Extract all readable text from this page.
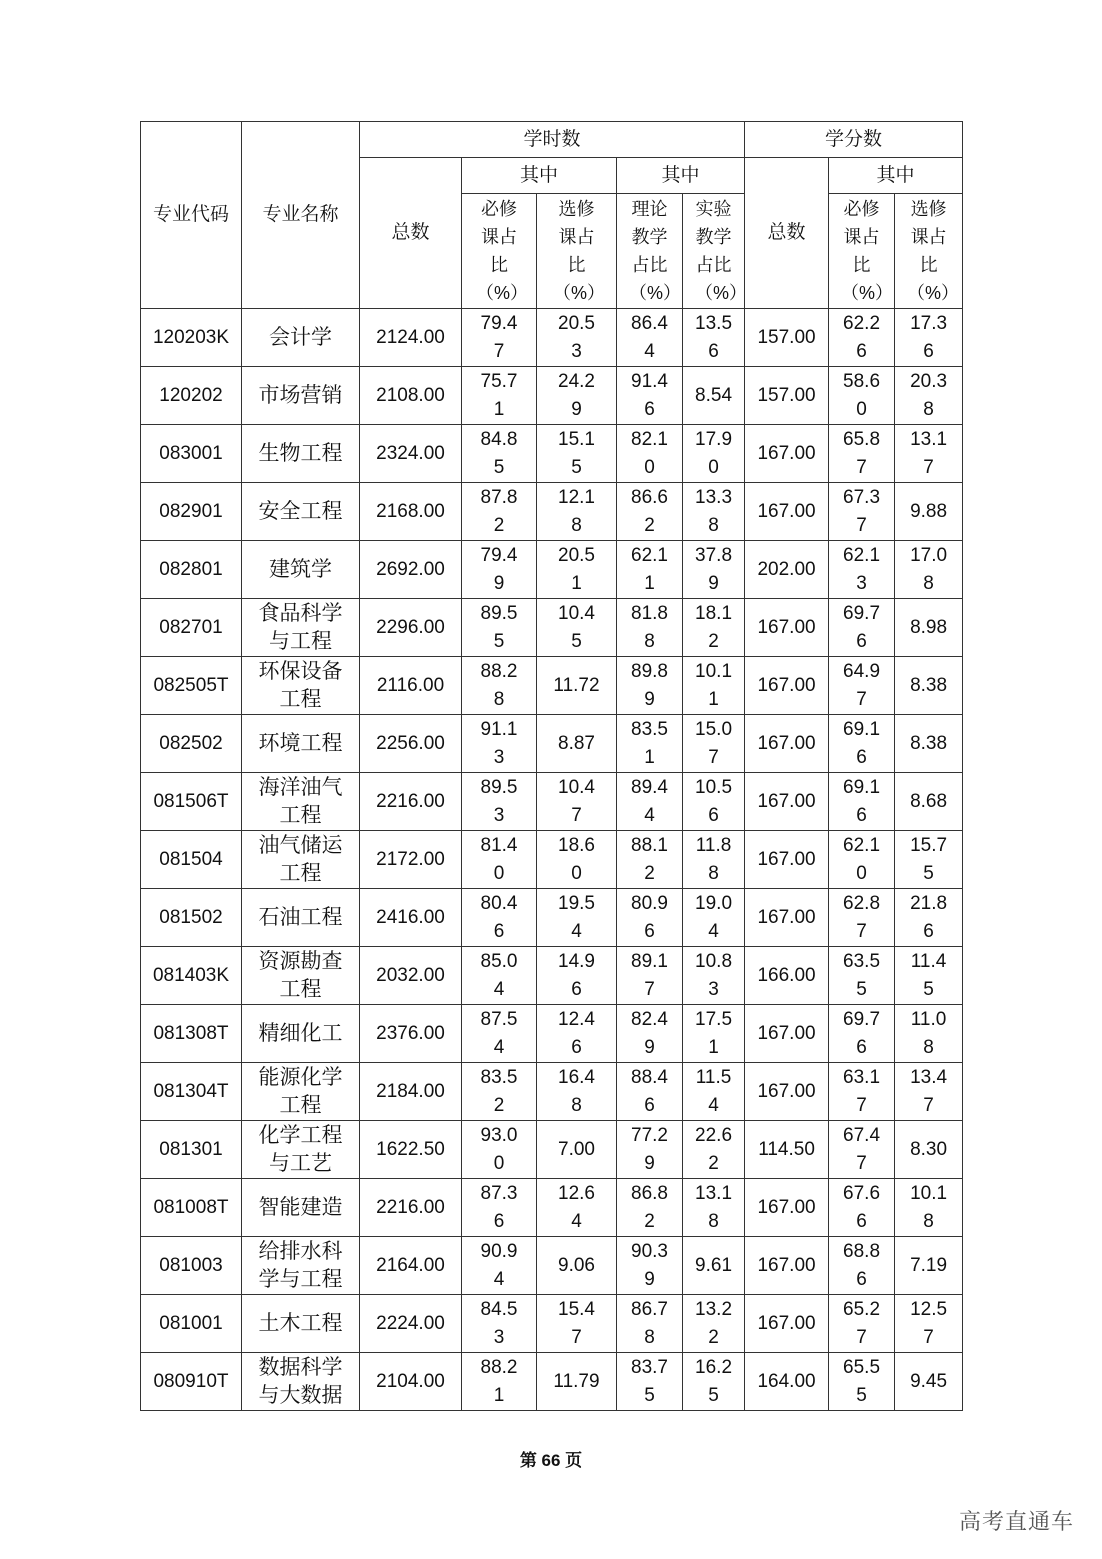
专业代码	专业名称	学时数					学分数		
		总数	其中		其中		总数	其中	
			必修课占比（%）	选修课占比（%）	理论教学占比（%）	实验教学占比（%）		必修课占比（%）	选修课占比（%）
120203K	会计学	2124.00	79.47	20.53	86.44	13.56	157.00	62.26	17.36
120202	市场营销	2108.00	75.71	24.29	91.46	8.54	157.00	58.60	20.38
083001	生物工程	2324.00	84.85	15.15	82.10	17.90	167.00	65.87	13.17
082901	安全工程	2168.00	87.82	12.18	86.62	13.38	167.00	67.37	9.88
082801	建筑学	2692.00	79.49	20.51	62.11	37.89	202.00	62.13	17.08
082701	食品科学与工程	2296.00	89.55	10.45	81.88	18.12	167.00	69.76	8.98
082505T	环保设备工程	2116.00	88.28	11.72	89.89	10.11	167.00	64.97	8.38
082502	环境工程	2256.00	91.13	8.87	83.51	15.07	167.00	69.16	8.38
081506T	海洋油气工程	2216.00	89.53	10.47	89.44	10.56	167.00	69.16	8.68
081504	油气储运工程	2172.00	81.40	18.60	88.12	11.88	167.00	62.10	15.75
081502	石油工程	2416.00	80.46	19.54	80.96	19.04	167.00	62.87	21.86
081403K	资源勘查工程	2032.00	85.04	14.96	89.17	10.83	166.00	63.55	11.45
081308T	精细化工	2376.00	87.54	12.46	82.49	17.51	167.00	69.76	11.08
081304T	能源化学工程	2184.00	83.52	16.48	88.46	11.54	167.00	63.17	13.47
081301	化学工程与工艺	1622.50	93.00	7.00	77.29	22.62	114.50	67.47	8.30
081008T	智能建造	2216.00	87.36	12.64	86.82	13.18	167.00	67.66	10.18
081003	给排水科学与工程	2164.00	90.94	9.06	90.39	9.61	167.00	68.86	7.19
081001	土木工程	2224.00	84.53	15.47	86.78	13.22	167.00	65.27	12.57
080910T	数据科学与大数据	2104.00	88.21	11.79	83.75	16.25	164.00	65.55	9.45
第 66 页
高考直通车
